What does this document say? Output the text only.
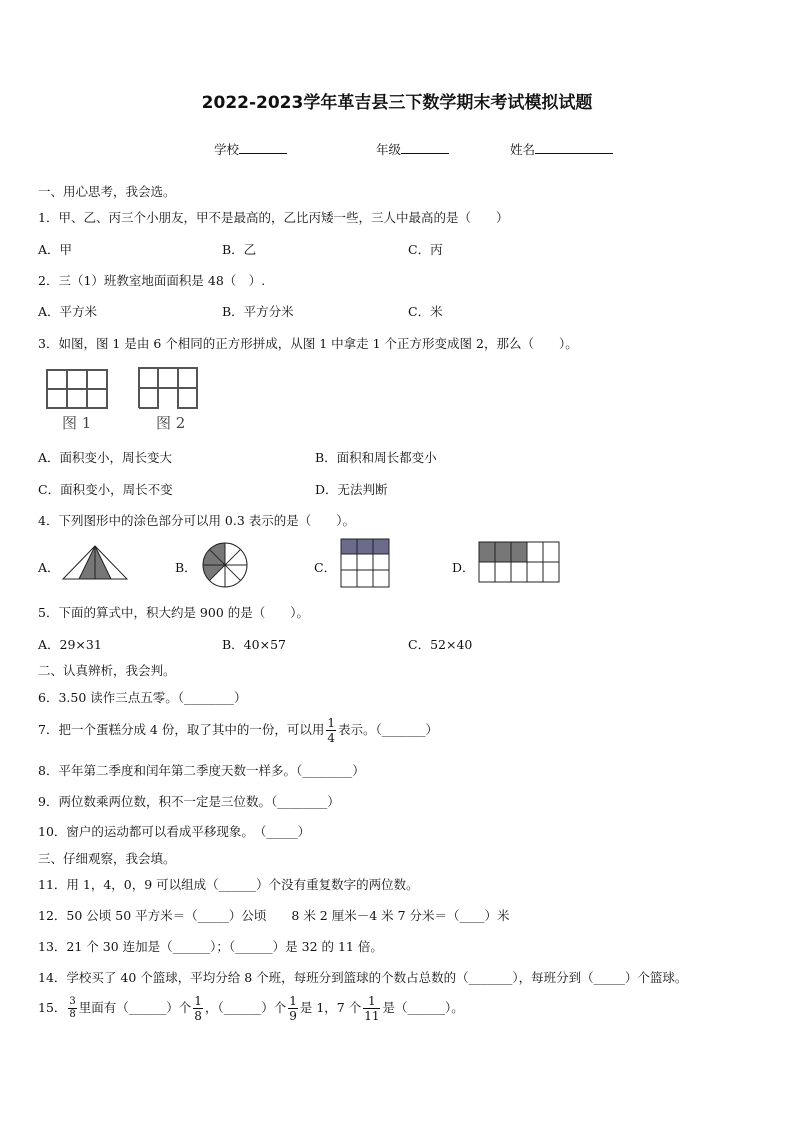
2022-2023学年革吉县三下数学期末考试模拟试题
学校	年级	姓名
一、用心思考，我会选。
1．甲、乙、丙三个小朋友，甲不是最高的，乙比丙矮一些，三人中最高的是（　　）
A．甲	B．乙	C．丙
2．三（1）班教室地面面积是 48（　）.
A．平方米	B．平方分米	C．米
3．如图，图 1 是由 6 个相同的正方形拼成，从图 1 中拿走 1 个正方形变成图 2，那么（　　）。
图 1	图 2
A．面积变小，周长变大	B．面积和周长都变小
C．面积变小，周长不变	D．无法判断
4．下列图形中的涂色部分可以用 0.3 表示的是（　　）。
A．	B．	C．	D．
5．下面的算式中，积大约是 900 的是（　　）。
A．29×31	B．40×57	C．52×40
二、认真辨析，我会判。
6．3.50 读作三点五零。（________）
7．把一个蛋糕分成 4 份，取了其中的一份，可以用 $\frac{1}{4}$ 表示。（_______）
8．平年第二季度和闰年第二季度天数一样多。（________）
9．两位数乘两位数，积不一定是三位数。（________）
10．窗户的运动都可以看成平移现象。　（_____）
三、仔细观察，我会填。
11．用 1，4，0，9 可以组成（______）个没有重复数字的两位数。
12．50 公顷 50 平方米＝（_____）公顷　　8 米 2 厘米－4 米 7 分米＝（____）米
13．21 个 30 连加是（______）；（______）是 32 的 11 倍。
14．学校买了 40 个篮球，平均分给 8 个班，每班分到篮球的个数占总数的（_______），每班分到（_____）个篮球。
15． $\frac{3}{8}$ 里面有（______）个 $\frac{1}{8}$ ，（______）个 $\frac{1}{9}$ 是 1，7 个 $\frac{1}{11}$ 是（______）。
